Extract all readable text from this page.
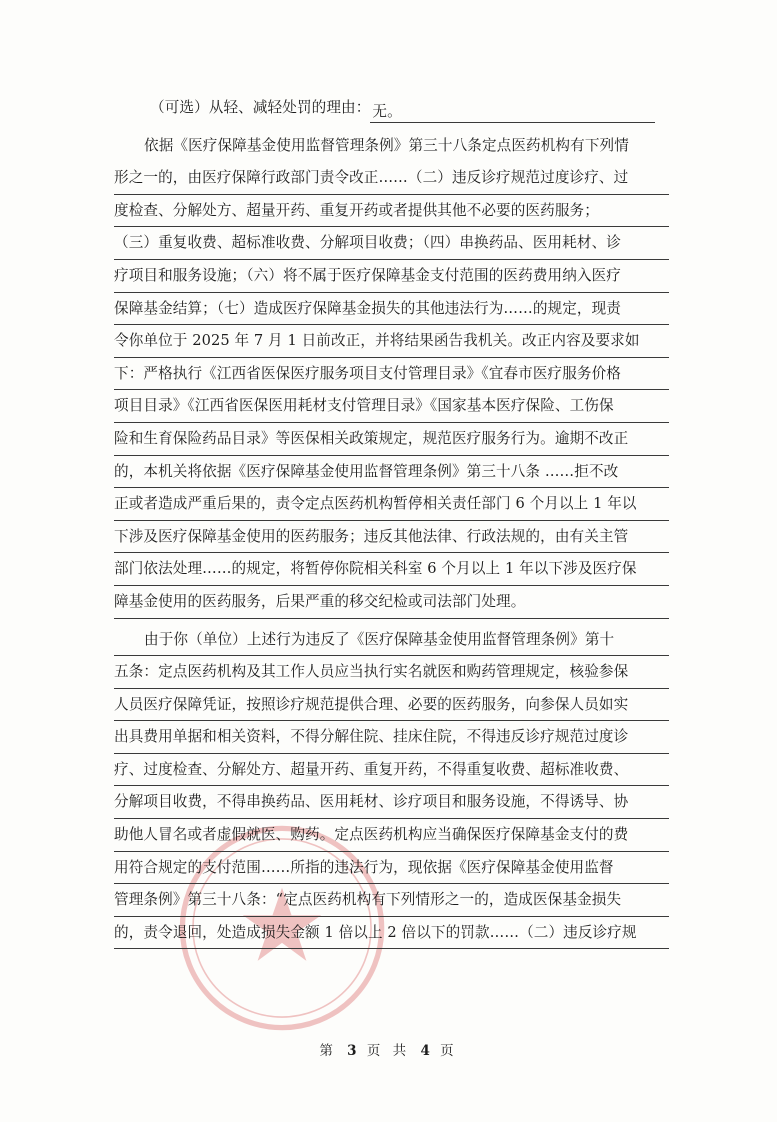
（可选）从轻、减轻处罚的理由： 无。
依据《医疗保障基金使用监督管理条例》第三十八条定点医药机构有下列情
形之一的，由医疗保障行政部门责令改正……（二）违反诊疗规范过度诊疗、过
度检查、分解处方、超量开药、重复开药或者提供其他不必要的医药服务；
（三）重复收费、超标准收费、分解项目收费；（四）串换药品、医用耗材、诊
疗项目和服务设施；（六）将不属于医疗保障基金支付范围的医药费用纳入医疗
保障基金结算；（七）造成医疗保障基金损失的其他违法行为……的规定，现责
令你单位于 2025 年 7 月 1 日前改正，并将结果函告我机关。改正内容及要求如
下：严格执行《江西省医保医疗服务项目支付管理目录》《宜春市医疗服务价格
项目目录》《江西省医保医用耗材支付管理目录》《国家基本医疗保险、工伤保
险和生育保险药品目录》等医保相关政策规定，规范医疗服务行为。逾期不改正
的，本机关将依据《医疗保障基金使用监督管理条例》第三十八条 ……拒不改
正或者造成严重后果的，责令定点医药机构暂停相关责任部门 6 个月以上 1 年以
下涉及医疗保障基金使用的医药服务；违反其他法律、行政法规的，由有关主管
部门依法处理……的规定，将暂停你院相关科室 6 个月以上 1 年以下涉及医疗保
障基金使用的医药服务，后果严重的移交纪检或司法部门处理。
由于你（单位）上述行为违反了《医疗保障基金使用监督管理条例》第十
五条：定点医药机构及其工作人员应当执行实名就医和购药管理规定，核验参保
人员医疗保障凭证，按照诊疗规范提供合理、必要的医药服务，向参保人员如实
出具费用单据和相关资料，不得分解住院、挂床住院，不得违反诊疗规范过度诊
疗、过度检查、分解处方、超量开药、重复开药，不得重复收费、超标准收费、
分解项目收费，不得串换药品、医用耗材、诊疗项目和服务设施，不得诱导、协
助他人冒名或者虚假就医、购药。定点医药机构应当确保医疗保障基金支付的费
用符合规定的支付范围……所指的违法行为，现依据《医疗保障基金使用监督
管理条例》第三十八条：“定点医药机构有下列情形之一的，造成医保基金损失
的，责令退回，处造成损失金额 1 倍以上 2 倍以下的罚款……（二）违反诊疗规
第 3 页 共 4 页
